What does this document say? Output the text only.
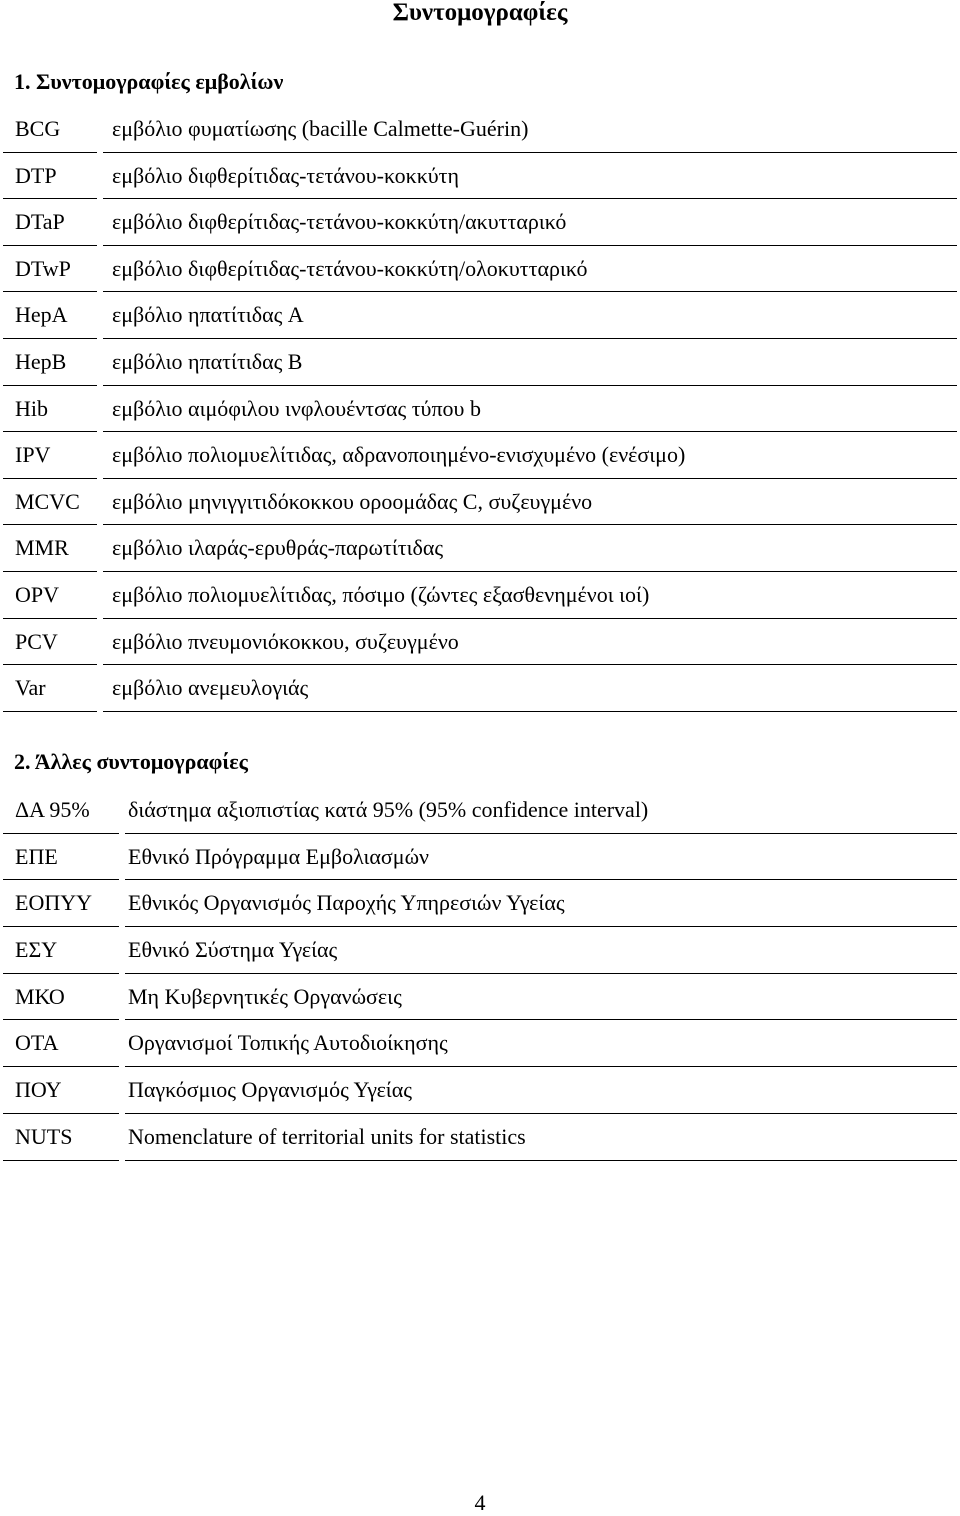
Συντομογραφίες
1. Συντομογραφίες εμβολίων
BCG εμβόλιο φυματίωσης (bacille Calmette-Guérin)
DTP	εμβόλιο διφθερίτιδας-τετάνου-κοκκύτη
DTaP εμβόλιο διφθερίτιδας-τετάνου-κοκκύτη/ακυτταρικό
DTwP εμβόλιο διφθερίτιδας-τετάνου-κοκκύτη/ολοκυτταρικό
HepA εμβόλιο ηπατίτιδας A
HepB εμβόλιο ηπατίτιδας B
Hib	εμβόλιο αιμόφιλου ινφλουέντσας τύπου b
IPV	εμβόλιο πολιομυελίτιδας, αδρανοποιημένο-ενισχυμένο (ενέσιμο)
MCVC εμβόλιο μηνιγγιτιδόκοκκου οροομάδας C, συζευγμένο
MMR εμβόλιο ιλαράς-ερυθράς-παρωτίτιδας
OPV εμβόλιο πολιομυελίτιδας, πόσιμο (ζώντες εξασθενημένοι ιοί)
PCV εμβόλιο πνευμονιόκοκκου, συζευγμένο
Var	εμβόλιο ανεμευλογιάς
2. Άλλες συντομογραφίες
ΔΑ 95% διάστημα αξιοπιστίας κατά 95% (95% confidence interval)
ΕΠΕ	Εθνικό Πρόγραμμα Εμβολιασμών
ΕΟΠΥΥ Εθνικός Οργανισμός Παροχής Υπηρεσιών Υγείας
ΕΣΥ	Εθνικό Σύστημα Υγείας
ΜΚΟ	Μη Κυβερνητικές Οργανώσεις
ΟΤΑ	Οργανισμοί Τοπικής Αυτοδιοίκησης
ΠΟΥ	Παγκόσμιος Οργανισμός Υγείας
NUTS	Nomenclature of territorial units for statistics
4
